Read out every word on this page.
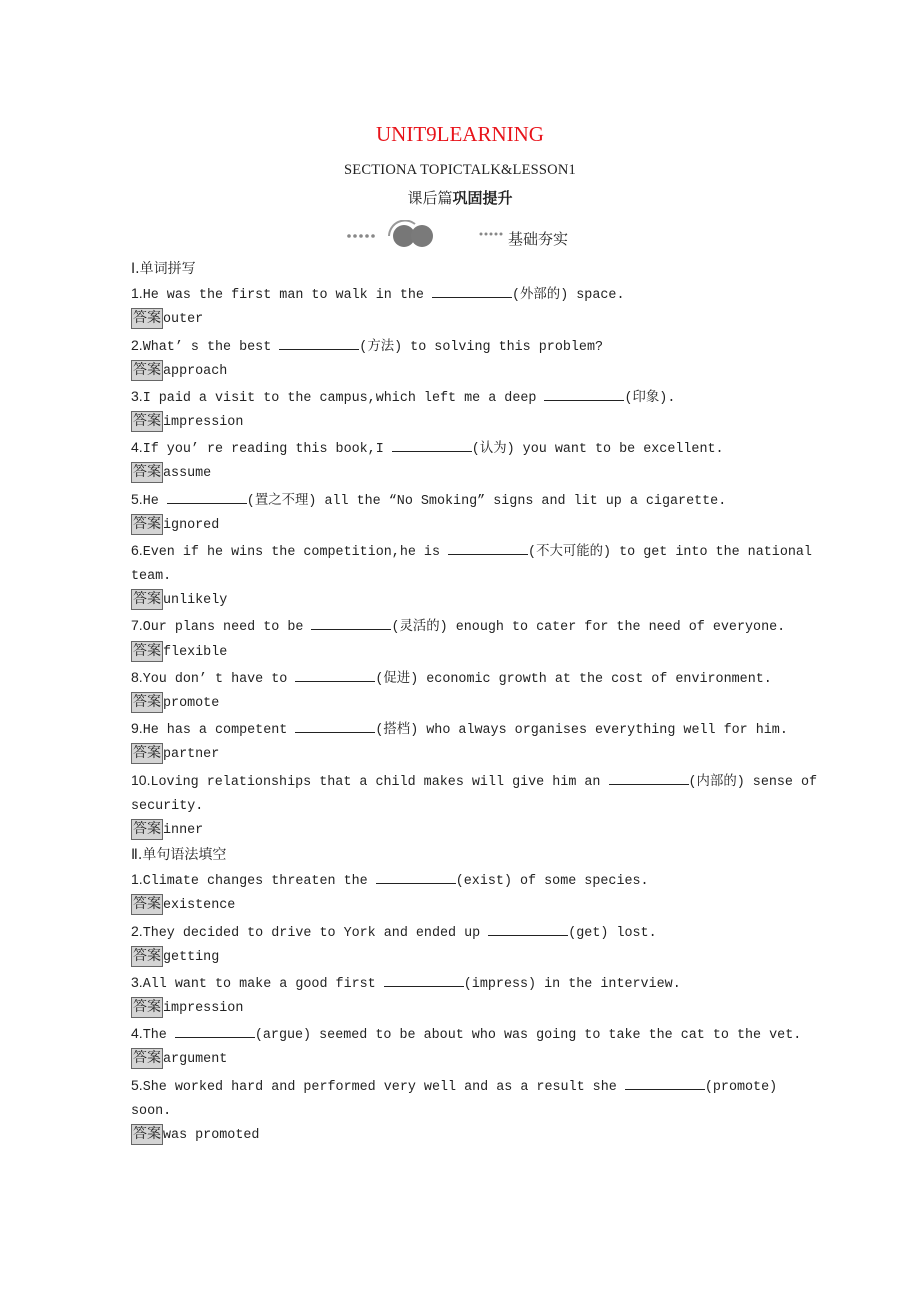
UNIT9LEARNING
SECTIONA TOPICTALK&LESSON1
课后篇巩固提升
基础夯实
Ⅰ.单词拼写
1.He was the first man to walk in the	(外部的) space.
答案 outer
2.What’ s the best	(方法) to solving this problem?
答案 approach
3.I paid a visit to the campus,which left me a deep	(印象).
答案 impression
4.If you’ re reading this book,I	(认为) you want to be excellent.
答案 assume
5.He	(置之不理) all the “No Smoking” signs and lit up a cigarette.
答案 ignored
6.Even if he wins the competition,he is	(不大可能的) to get into the national team.
答案 unlikely
7.Our plans need to be	(灵活的) enough to cater for the need of everyone.
答案 flexible
8.You don’ t have to	(促进) economic growth at the cost of environment.
答案 promote
9.He has a competent	(搭档) who always organises everything well for him.
答案 partner
10.Loving relationships that a child makes will give him an	(内部的) sense of security.
答案 inner
Ⅱ.单句语法填空
1.Climate changes threaten the	(exist) of some species.
答案 existence
2.They decided to drive to York and ended up	(get) lost.
答案 getting
3.All want to make a good first	(impress) in the interview.
答案 impression
4.The	(argue) seemed to be about who was going to take the cat to the vet.
答案 argument
5.She worked hard and performed very well and as a result she	(promote) soon.
答案 was promoted
